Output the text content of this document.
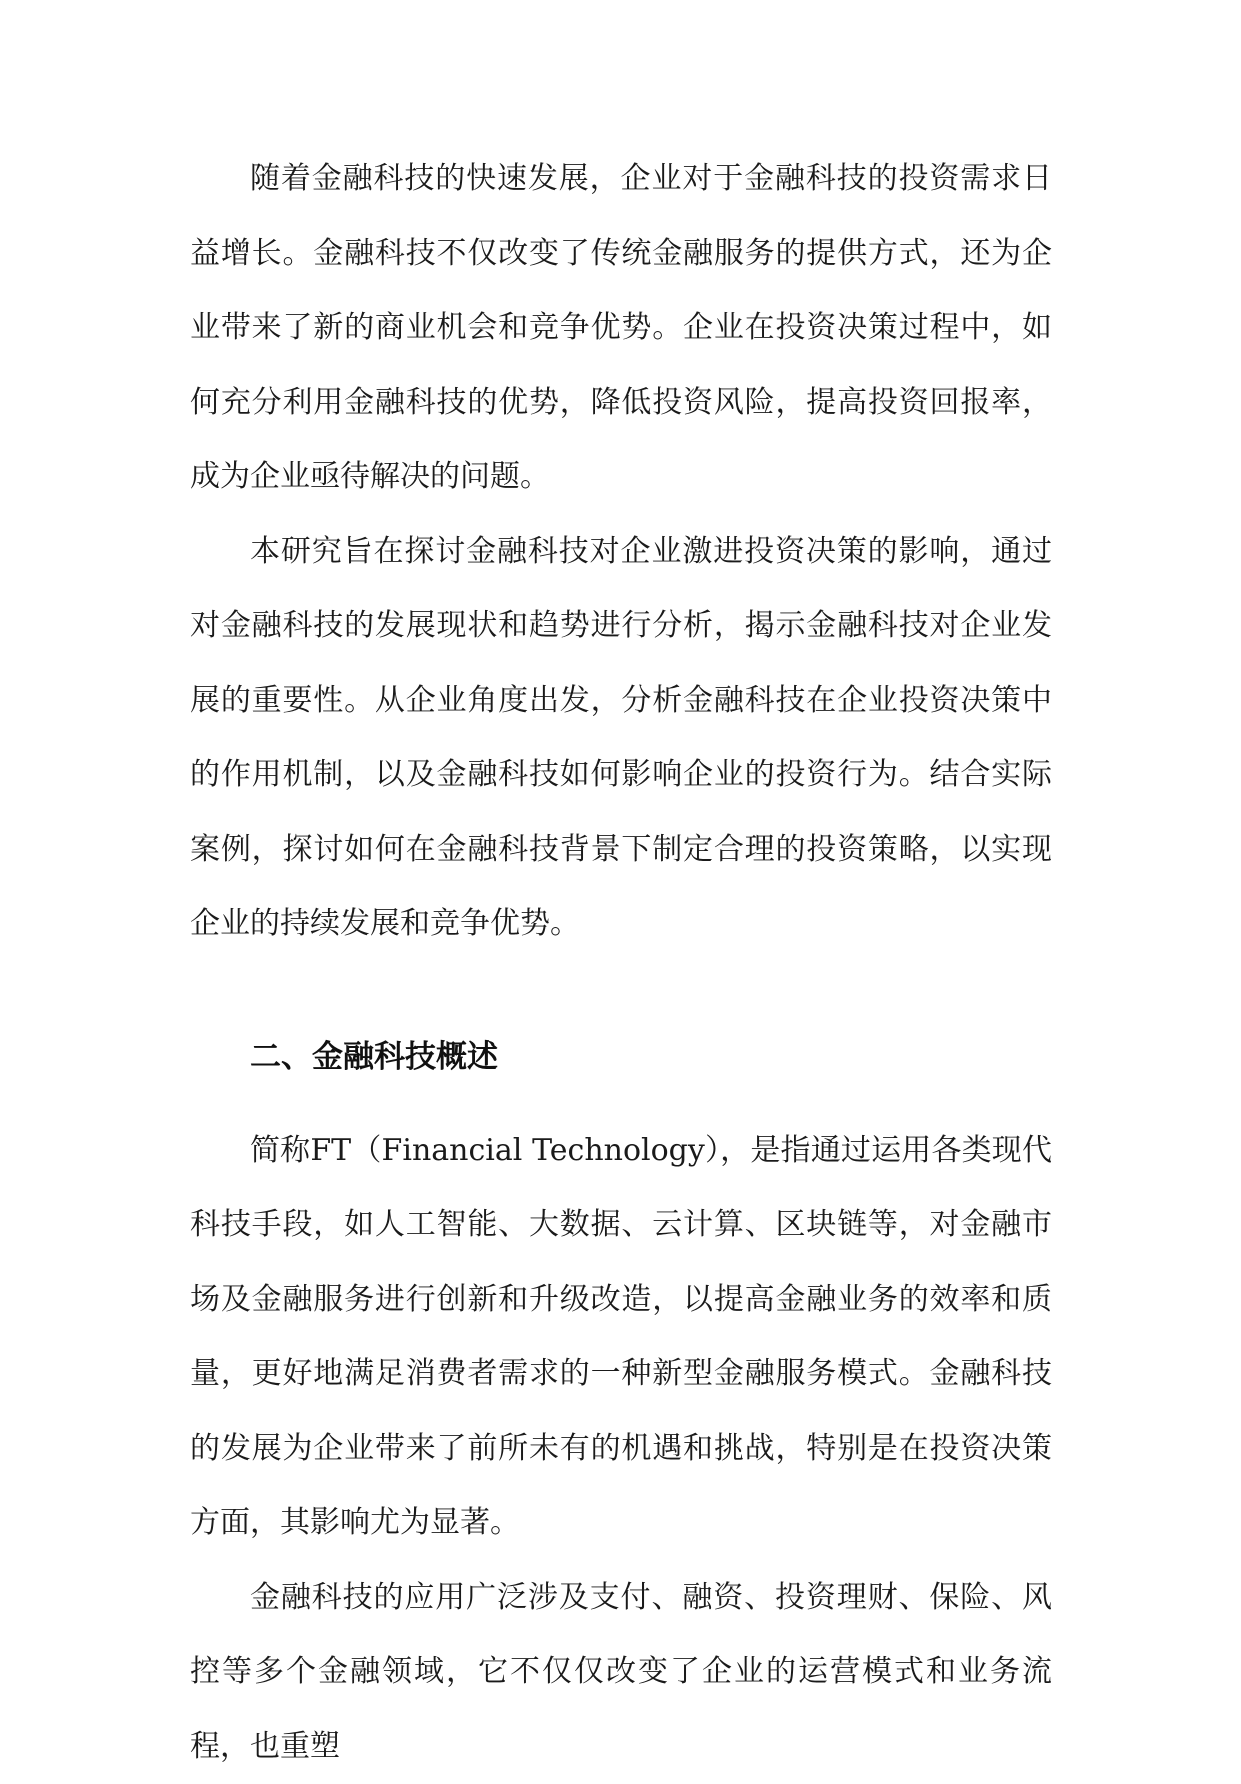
随着金融科技的快速发展，企业对于金融科技的投资需求日益增长。金融科技不仅改变了传统金融服务的提供方式，还为企业带来了新的商业机会和竞争优势。企业在投资决策过程中，如何充分利用金融科技的优势，降低投资风险，提高投资回报率，成为企业亟待解决的问题。

本研究旨在探讨金融科技对企业激进投资决策的影响，通过对金融科技的发展现状和趋势进行分析，揭示金融科技对企业发展的重要性。从企业角度出发，分析金融科技在企业投资决策中的作用机制，以及金融科技如何影响企业的投资行为。结合实际案例，探讨如何在金融科技背景下制定合理的投资策略，以实现企业的持续发展和竞争优势。

二、金融科技概述

简称FT（Financial Technology），是指通过运用各类现代科技手段，如人工智能、大数据、云计算、区块链等，对金融市场及金融服务进行创新和升级改造，以提高金融业务的效率和质量，更好地满足消费者需求的一种新型金融服务模式。金融科技的发展为企业带来了前所未有的机遇和挑战，特别是在投资决策方面，其影响尤为显著。

金融科技的应用广泛涉及支付、融资、投资理财、保险、风控等多个金融领域，它不仅仅改变了企业的运营模式和业务流程，也重塑
